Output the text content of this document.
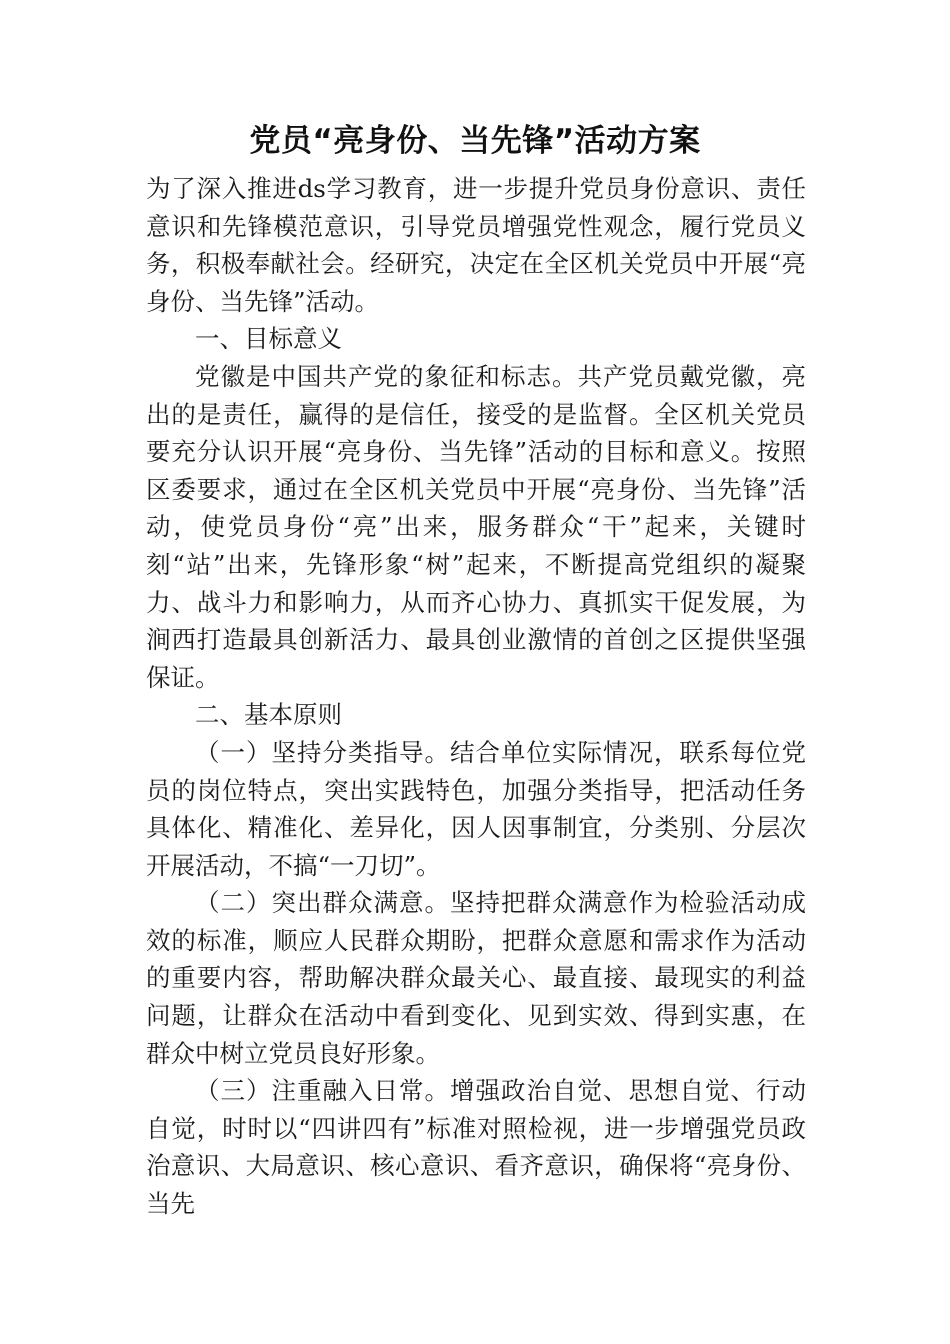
党员“亮身份、当先锋”活动方案

为了深入推进ds学习教育，进一步提升党员身份意识、责任意识和先锋模范意识，引导党员增强党性观念，履行党员义务，积极奉献社会。经研究，决定在全区机关党员中开展“亮身份、当先锋”活动。

一、目标意义

党徽是中国共产党的象征和标志。共产党员戴党徽，亮出的是责任，赢得的是信任，接受的是监督。全区机关党员要充分认识开展“亮身份、当先锋”活动的目标和意义。按照区委要求，通过在全区机关党员中开展“亮身份、当先锋”活动，使党员身份“亮”出来，服务群众“干”起来，关键时刻“站”出来，先锋形象“树”起来，不断提高党组织的凝聚力、战斗力和影响力，从而齐心协力、真抓实干促发展，为涧西打造最具创新活力、最具创业激情的首创之区提供坚强保证。

二、基本原则

（一）坚持分类指导。结合单位实际情况，联系每位党员的岗位特点，突出实践特色，加强分类指导，把活动任务具体化、精准化、差异化，因人因事制宜，分类别、分层次开展活动，不搞“一刀切”。

（二）突出群众满意。坚持把群众满意作为检验活动成效的标准，顺应人民群众期盼，把群众意愿和需求作为活动的重要内容，帮助解决群众最关心、最直接、最现实的利益问题，让群众在活动中看到变化、见到实效、得到实惠，在群众中树立党员良好形象。

（三）注重融入日常。增强政治自觉、思想自觉、行动自觉，时时以“四讲四有”标准对照检视，进一步增强党员政治意识、大局意识、核心意识、看齐意识，确保将“亮身份、当先
